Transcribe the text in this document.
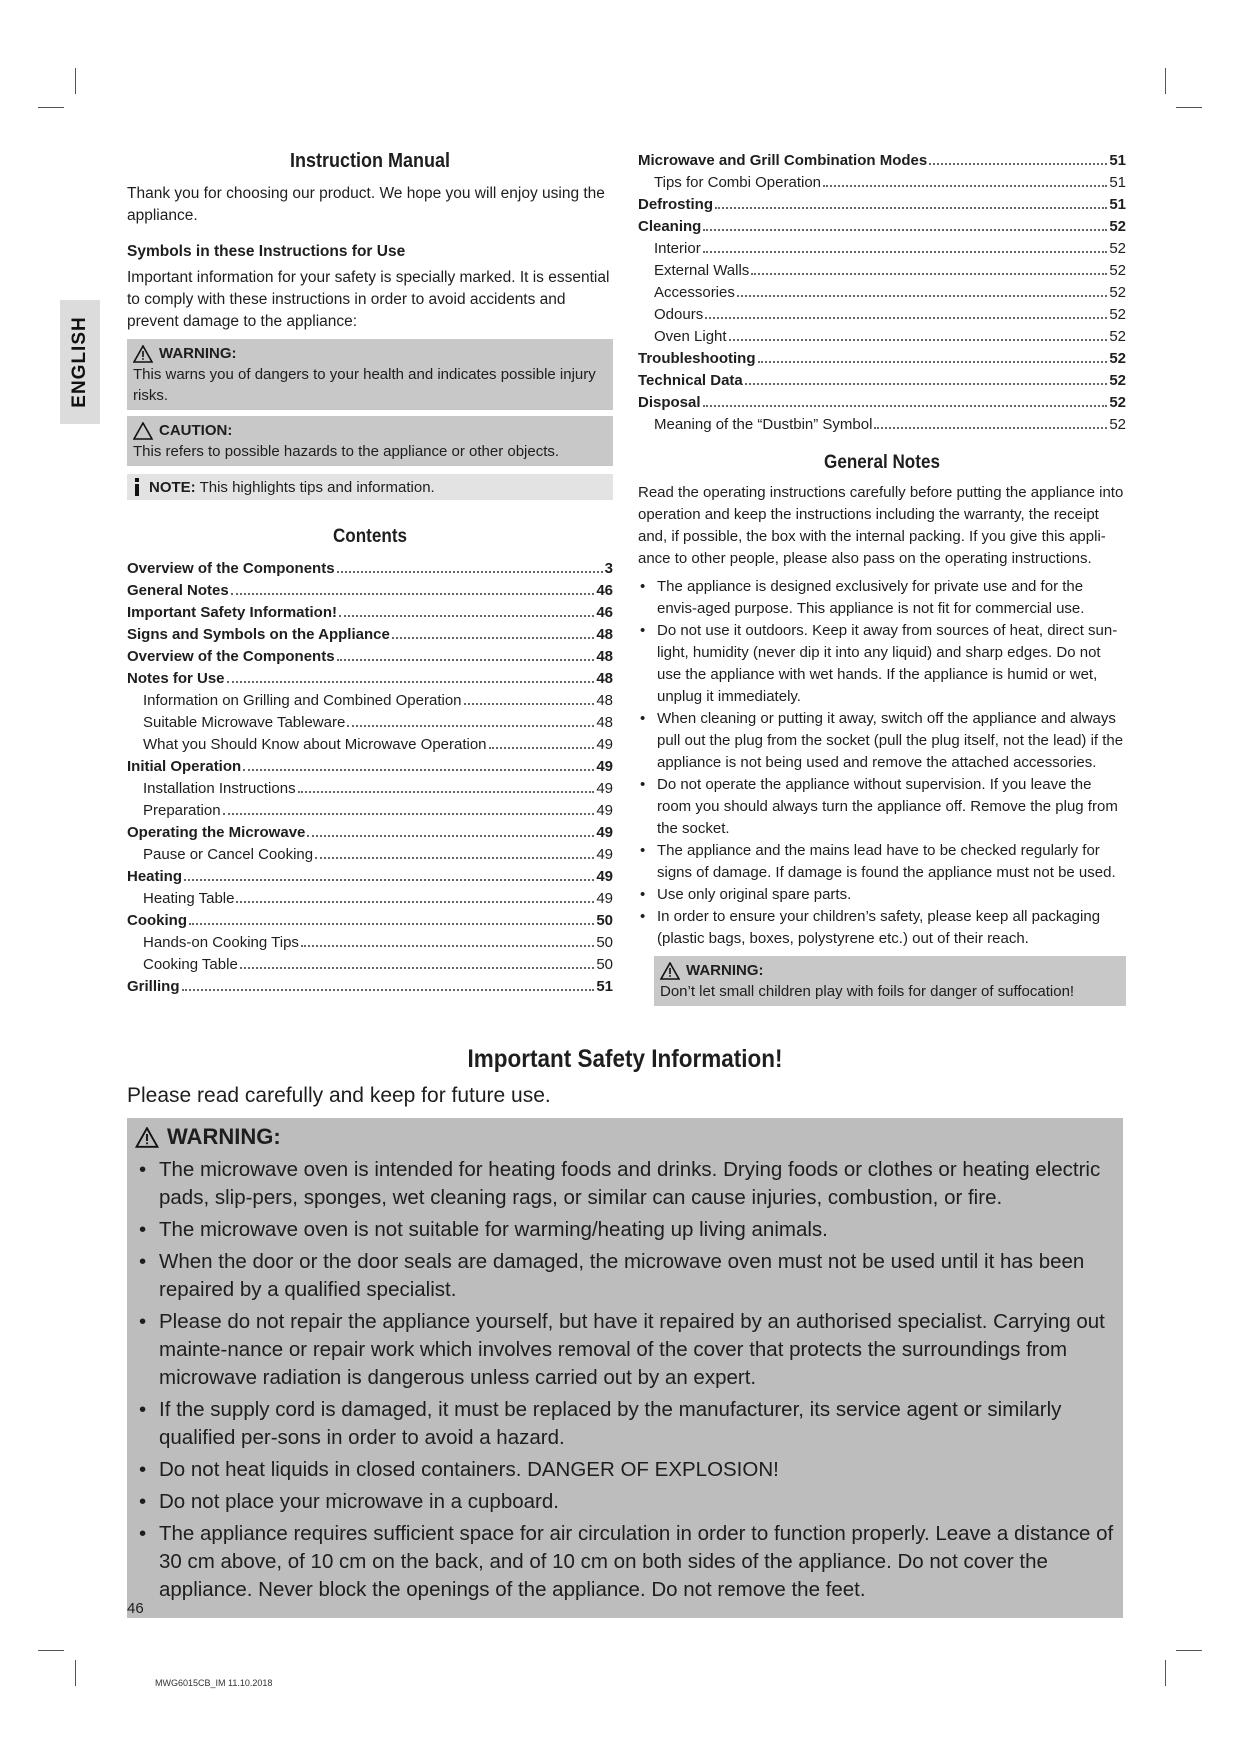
ENGLISH
Instruction Manual

Thank you for choosing our product. We hope you will enjoy using the appliance.

Symbols in these Instructions for Use

Important information for your safety is specially marked. It is essential to comply with these instructions in order to avoid accidents and prevent damage to the appliance:

WARNING:
This warns you of dangers to your health and indicates possible injury risks.
CAUTION:
This refers to possible hazards to the appliance or other objects.
NOTE: This highlights tips and information.
Contents
Overview of the Components	3
General Notes	46
Important Safety Information!	46
Signs and Symbols on the Appliance	48
Overview of the Components	48
Notes for Use	48
Information on Grilling and Combined Operation	48
Suitable Microwave Tableware	48
What you Should Know about Microwave Operation	49
Initial Operation	49
Installation Instructions	49
Preparation	49
Operating the Microwave	49
Pause or Cancel Cooking	49
Heating	49
Heating Table	49
Cooking	50
Hands-on Cooking Tips	50
Cooking Table	50
Grilling	51
Microwave and Grill Combination Modes	51
Tips for Combi Operation	51
Defrosting	51
Cleaning	52
Interior	52
External Walls	52
Accessories	52
Odours	52
Oven Light	52
Troubleshooting	52
Technical Data	52
Disposal	52
Meaning of the “Dustbin” Symbol	52
General Notes

Read the operating instructions carefully before putting the appliance into operation and keep the instructions including the warranty, the receipt and, if possible, the box with the internal packing. If you give this appli-ance to other people, please also pass on the operating instructions.

• The appliance is designed exclusively for private use and for the envis-aged purpose. This appliance is not fit for commercial use.
• Do not use it outdoors. Keep it away from sources of heat, direct sun-light, humidity (never dip it into any liquid) and sharp edges. Do not use the appliance with wet hands. If the appliance is humid or wet, unplug it immediately.
• When cleaning or putting it away, switch off the appliance and always pull out the plug from the socket (pull the plug itself, not the lead) if the appliance is not being used and remove the attached accessories.
• Do not operate the appliance without supervision. If you leave the room you should always turn the appliance off. Remove the plug from the socket.
• The appliance and the mains lead have to be checked regularly for signs of damage. If damage is found the appliance must not be used.
• Use only original spare parts.
• In order to ensure your children’s safety, please keep all packaging (plastic bags, boxes, polystyrene etc.) out of their reach.
WARNING:
Don’t let small children play with foils for danger of suffocation!
Important Safety Information!

Please read carefully and keep for future use.

WARNING:
• The microwave oven is intended for heating foods and drinks. Drying foods or clothes or heating electric pads, slip-pers, sponges, wet cleaning rags, or similar can cause injuries, combustion, or fire.
• The microwave oven is not suitable for warming/heating up living animals.
• When the door or the door seals are damaged, the microwave oven must not be used until it has been repaired by a qualified specialist.
• Please do not repair the appliance yourself, but have it repaired by an authorised specialist. Carrying out mainte-nance or repair work which involves removal of the cover that protects the surroundings from microwave radiation is dangerous unless carried out by an expert.
• If the supply cord is damaged, it must be replaced by the manufacturer, its service agent or similarly qualified per-sons in order to avoid a hazard.
• Do not heat liquids in closed containers. DANGER OF EXPLOSION!
• Do not place your microwave in a cupboard.
• The appliance requires sufficient space for air circulation in order to function properly. Leave a distance of 30 cm above, of 10 cm on the back, and of 10 cm on both sides of the appliance. Do not cover the appliance. Never block the openings of the appliance. Do not remove the feet.
46
MWG6015CB_IM 11.10.2018
